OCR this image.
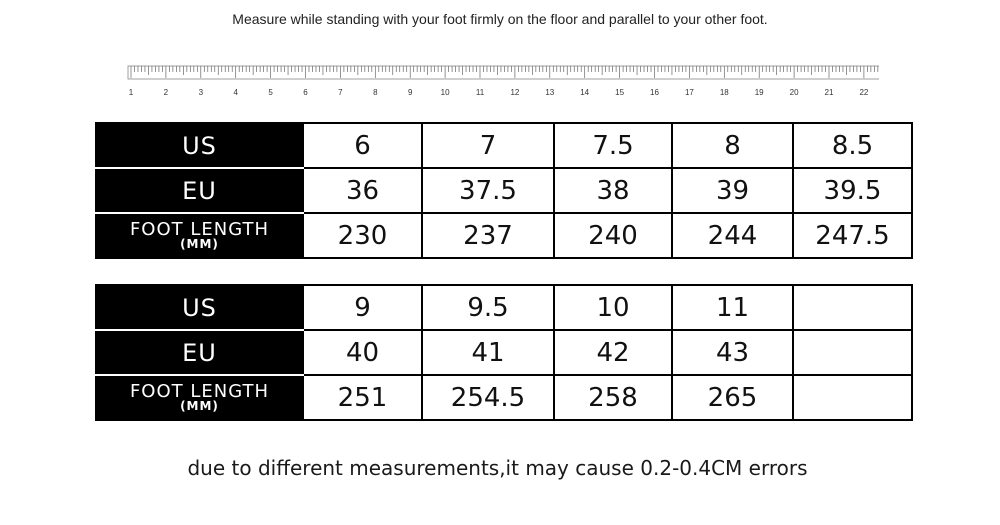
Measure while standing with your foot firmly on the floor and parallel to your other foot.
1	2	3	4	5	6	7	8	9	10	11	12	13	14	15	16	17	18	19	20	21	22
US	6	7	7.5	8	8.5
EU	36	37.5	38	39	39.5
FOOT LENGTH
(MM)	230	237	240	244	247.5
US	9	9.5	10	11	
EU	40	41	42	43	
FOOT LENGTH
(MM)	251	254.5	258	265	
due to different measurements,it may cause 0.2-0.4CM errors
